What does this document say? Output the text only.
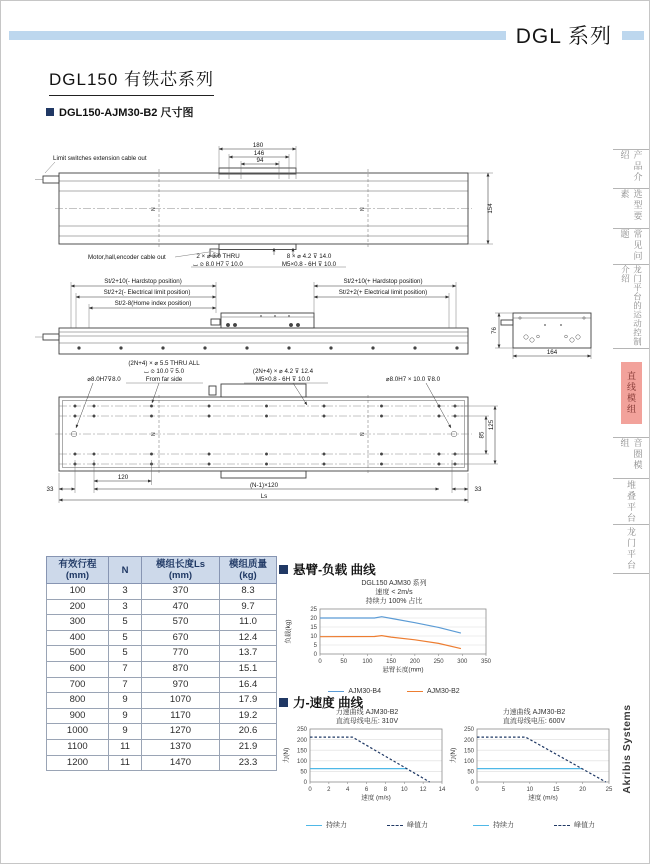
DGL 系列
DGL150 有铁芯系列
DGL150-AJM30-B2 尺寸图
N	N
180
146
94
154
Limit switches extension cable out
Motor,hall,encoder cable out	2 × ⌀ 3.0 THRU
⌴ ⌀ 8.0 H7 ⊽ 10.0
8 × ⌀ 4.2 ⊽ 14.0
M5×0.8 - 6H ⊽ 10.0
St/2+10(- Hardstop position)
St/2+2(- Electrical limit position)
St/2-8(Home index position)
St/2+10(+ Hardstop position)
St/2+2(+ Electrical limit position)
76
164
⌀8.0H7⊽8.0
(2N+4) × ⌀ 5.5 THRU ALL
⌴ ⌀ 10.0 ⊽ 5.0
From far side
(2N+4) × ⌀ 4.2 ⊽ 12.4
M5×0.8 - 6H ⊽ 10.0	⌀8.0H7 × 10.0 ⊽8.0
N	N
120
33
(N-1)×120
33
Ls
85
125
有效行程
(mm)	N	模组长度Ls
(mm)

模组质量
(kg)

100	3	370	8.3
200	3	470	9.7
300	5	570	11.0
400	5	670	12.4
500	5	770	13.7
600	7	870	15.1
700	7	970	16.4
800	9	1070	17.9
900	9	1170	19.2
1000	9	1270	20.6
1100	11	1370	21.9
1200	11	1470	23.3
悬臂-负载 曲线
DGL150 AJM30 系列
速度 < 2m/s
持续力 100% 占比
0
5
10
15
20
25
0	50	100 150 200 250 300 350
悬臂长度(mm)
负载(kg)
AJM30-B4	AJM30-B2
力-速度 曲线
力速曲线 AJM30-B2
直流母线电压: 310V
0
50
100
150
200
250
0	2	4	6	8 10 12 14
速度 (m/s)
力(N)
持续力	峰值力
力速曲线 AJM30-B2
直流母线电压: 600V
0
50
100
150
200
250
0	5	10	15	20	25
速度 (m/s)
力(N)
持续力	峰值力
产品介绍
选型要素
常见问题
龙门平台的运动控制介绍
直线模组
音圈模组
堆叠平台
龙门平台
Akribis Systems
